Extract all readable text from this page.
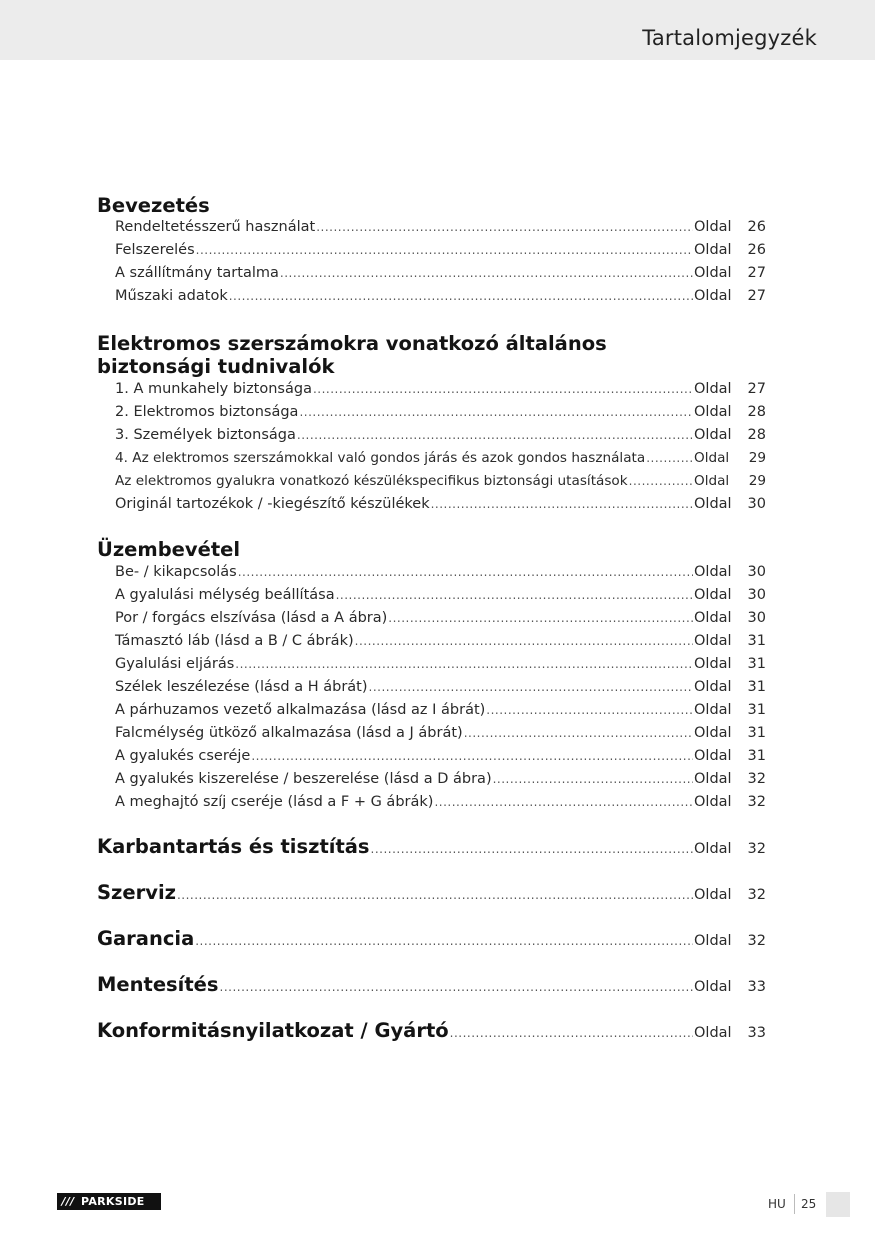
Tartalomjegyzék
Bevezetés
Rendeltetésszerű használat .....	Oldal	26
Felszerelés .....	Oldal	26
A szállítmány tartalma .....	Oldal	27
Műszaki adatok .....	Oldal	27
Elektromos szerszámokra vonatkozó általános biztonsági tudnivalók
1. A munkahely biztonsága .....	Oldal	27
2. Elektromos biztonsága .....	Oldal	28
3. Személyek biztonsága .....	Oldal	28
4. Az elektromos szerszámokkal való gondos járás és azok gondos használata .....	Oldal	29
Az elektromos gyalukra vonatkozó készülékspecifikus biztonsági utasítások .....	Oldal	29
Originál tartozékok / -kiegészítő készülékek .....	Oldal	30
Üzembevétel
Be- / kikapcsolás .....	Oldal	30
A gyalulási mélység beállítása .....	Oldal	30
Por / forgács elszívása (lásd a A ábra) .....	Oldal	30
Támasztó láb (lásd a B / C ábrák) .....	Oldal	31
Gyalulási eljárás .....	Oldal	31
Szélek leszélezése (lásd a H ábrát) .....	Oldal	31
A párhuzamos vezető alkalmazása (lásd az I ábrát) .....	Oldal	31
Falcmélység ütköző alkalmazása (lásd a J ábrát) .....	Oldal	31
A gyalukés cseréje .....	Oldal	31
A gyalukés kiszerelése / beszerelése (lásd a D ábra) .....	Oldal	32
A meghajtó szíj cseréje (lásd a F + G ábrák) .....	Oldal	32
Karbantartás és tisztítás .....	Oldal	32
Szerviz .....	Oldal	32
Garancia .....	Oldal	32
Mentesítés .....	Oldal	33
Konformitásnyilatkozat / Gyártó .....	Oldal	33
/// PARKSIDE	HU 25
